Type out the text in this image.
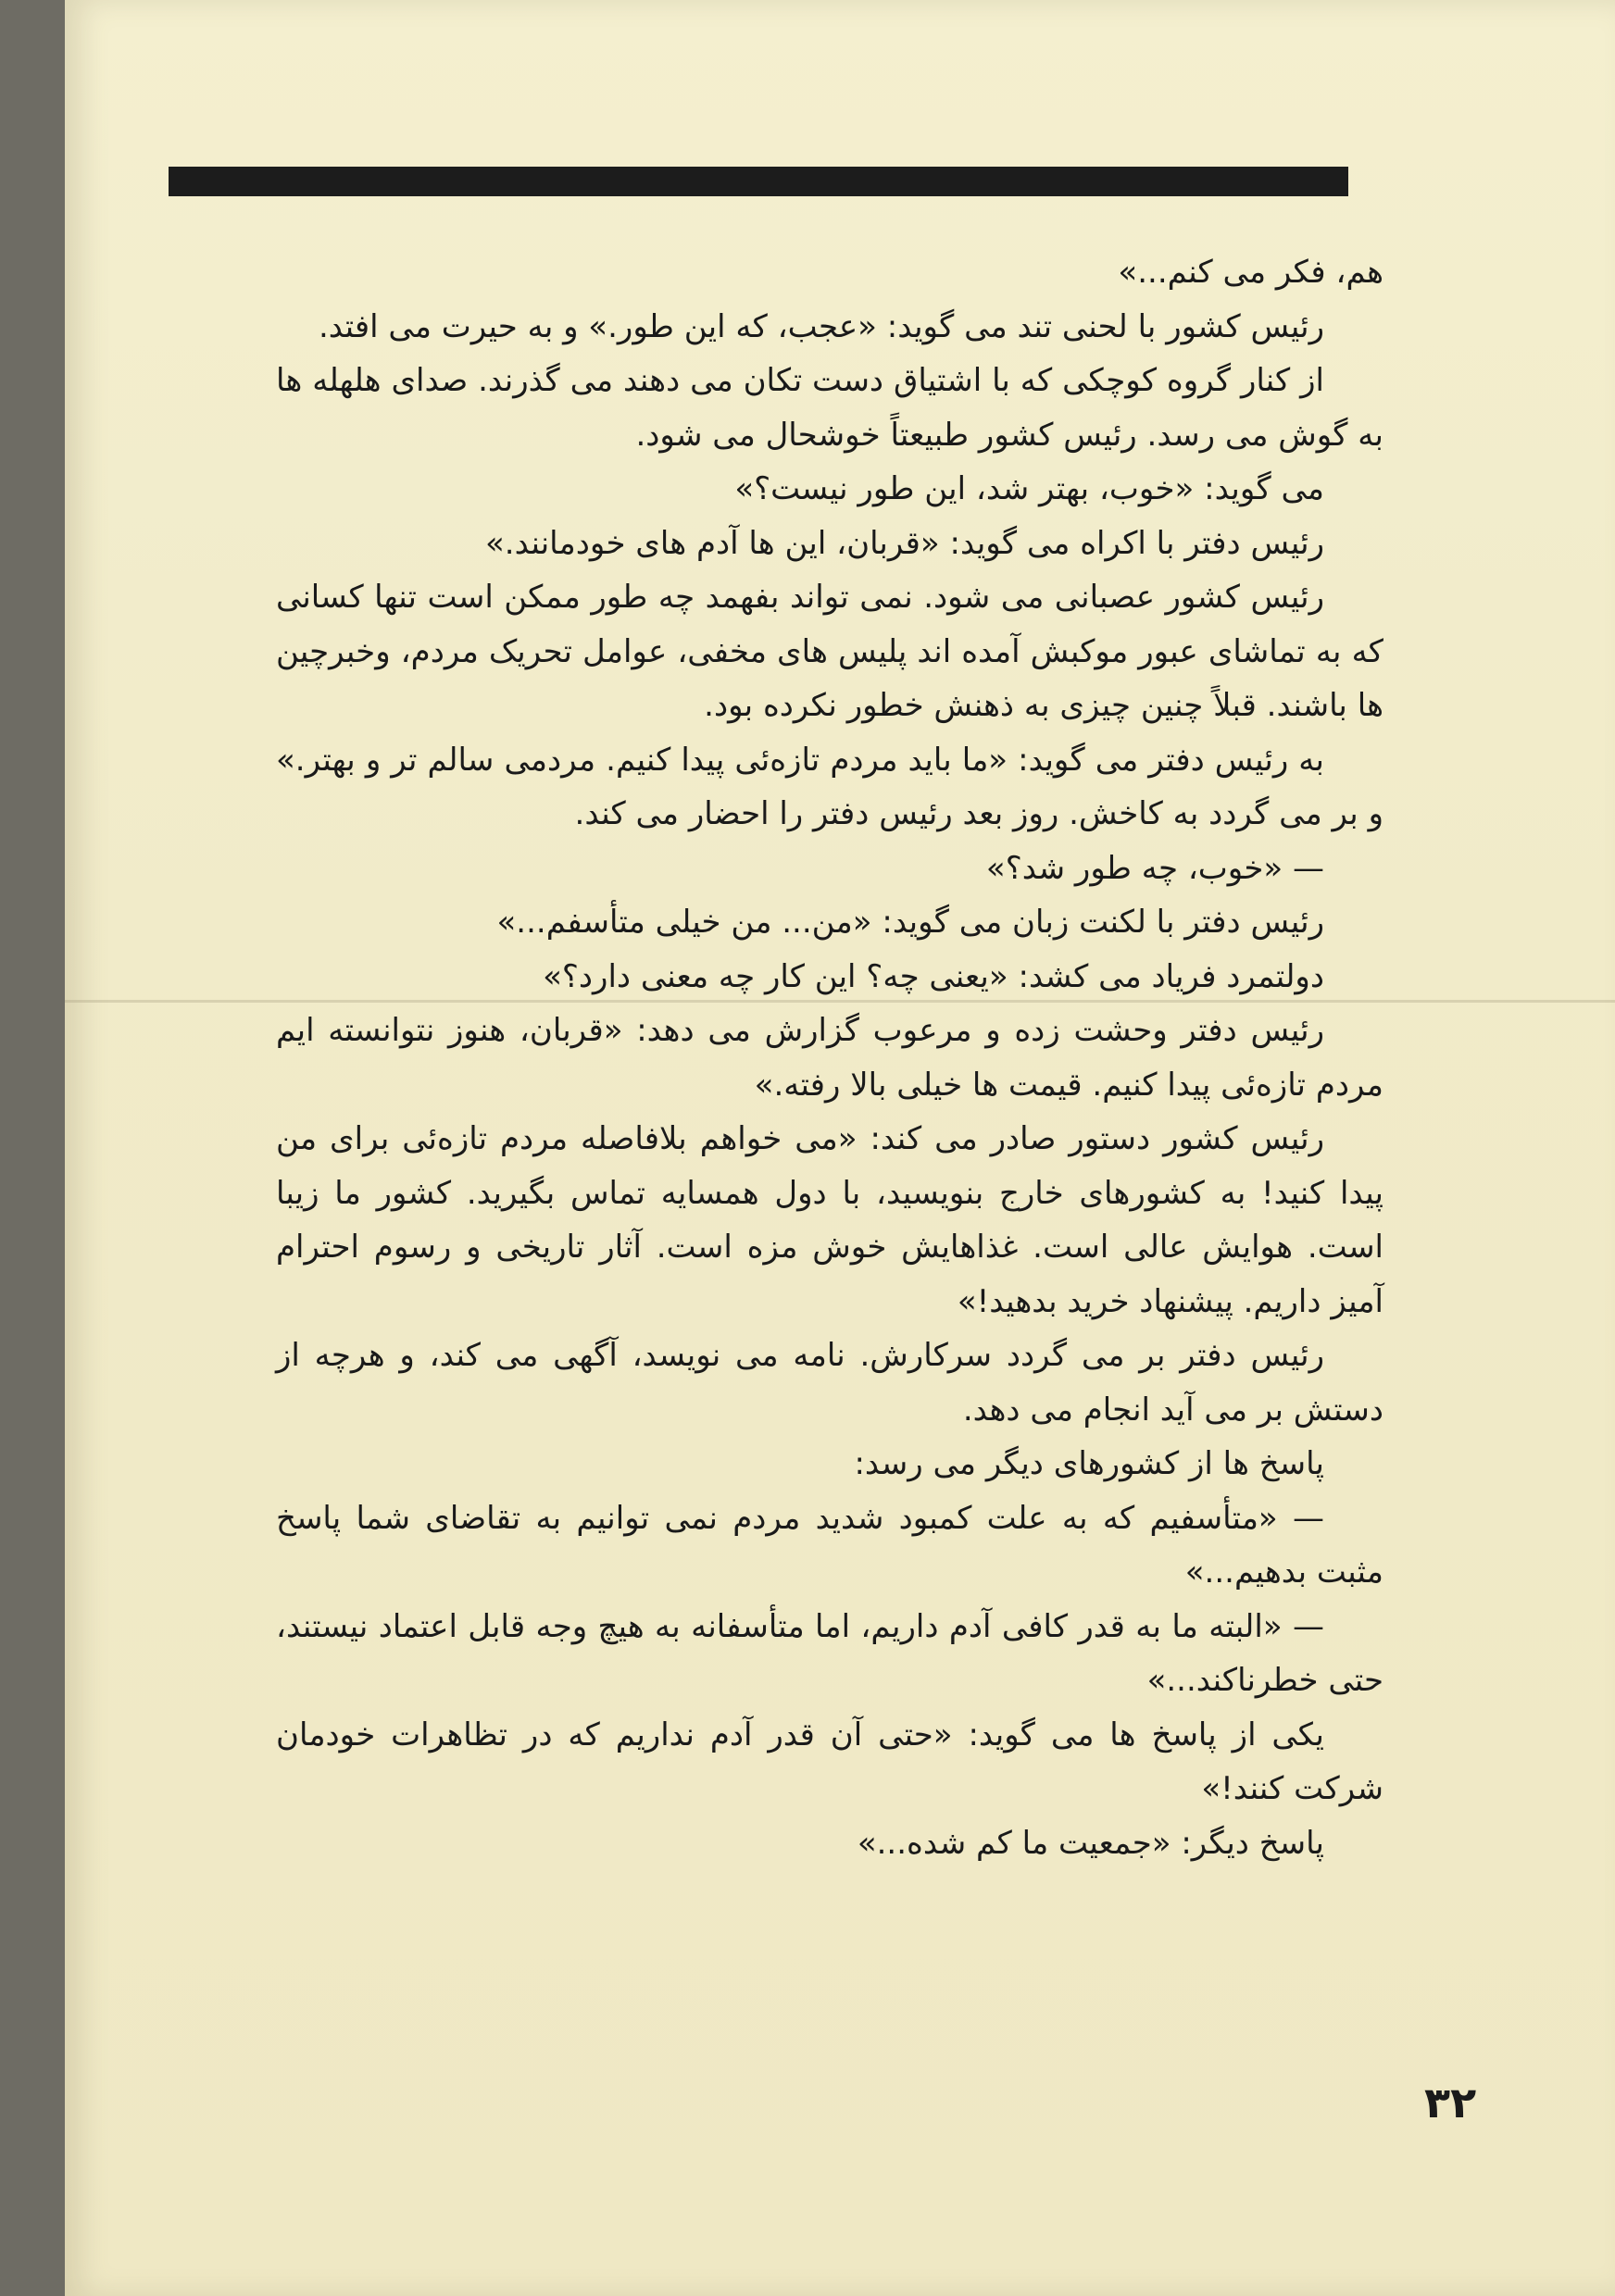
هم، فکر می کنم...»

رئیس کشور با لحنی تند می گوید: «عجب، که این طور.» و به حیرت می افتد.

از کنار گروه کوچکی که با اشتیاق دست تکان می دهند می گذرند. صدای هلهله ها به گوش می رسد. رئیس کشور طبیعتاً خوشحال می شود.

می گوید: «خوب، بهتر شد، این طور نیست؟»

رئیس دفتر با اکراه می گوید: «قربان، این ها آدم های خودمانند.»

رئیس کشور عصبانی می شود. نمی تواند بفهمد چه طور ممکن است تنها کسانی که به تماشای عبور موکبش آمده اند پلیس های مخفی، عوامل تحریک مردم، وخبرچین ها باشند. قبلاً چنین چیزی به ذهنش خطور نکرده بود.

به رئیس دفتر می گوید: «ما باید مردم تازه‌ئی پیدا کنیم. مردمی سالم تر و بهتر.» و بر می گردد به کاخش. روز بعد رئیس دفتر را احضار می کند.

— «خوب، چه طور شد؟»

رئیس دفتر با لکنت زبان می گوید: «من... من خیلی متأسفم...»

دولتمرد فریاد می کشد: «یعنی چه؟ این کار چه معنی دارد؟»

رئیس دفتر وحشت زده و مرعوب گزارش می دهد: «قربان، هنوز نتوانسته ایم مردم تازه‌ئی پیدا کنیم. قیمت ها خیلی بالا رفته.»

رئیس کشور دستور صادر می کند: «می خواهم بلافاصله مردم تازه‌ئی برای من پیدا کنید! به کشورهای خارج بنویسید، با دول همسایه تماس بگیرید. کشور ما زیبا است. هوایش عالی است. غذاهایش خوش مزه است. آثار تاریخی و رسوم احترام آمیز داریم. پیشنهاد خرید بدهید!»

رئیس دفتر بر می گردد سرکارش. نامه می نویسد، آگهی می کند، و هرچه از دستش بر می آید انجام می دهد.

پاسخ ها از کشورهای دیگر می رسد:

— «متأسفیم که به علت کمبود شدید مردم نمی توانیم به تقاضای شما پاسخ مثبت بدهیم...»

— «البته ما به قدر کافی آدم داریم، اما متأسفانه به هیچ وجه قابل اعتماد نیستند، حتی خطرناکند...»

یکی از پاسخ ها می گوید: «حتی آن قدر آدم نداریم که در تظاهرات خودمان شرکت کنند!»

پاسخ دیگر: «جمعیت ما کم شده...»

۳۲
